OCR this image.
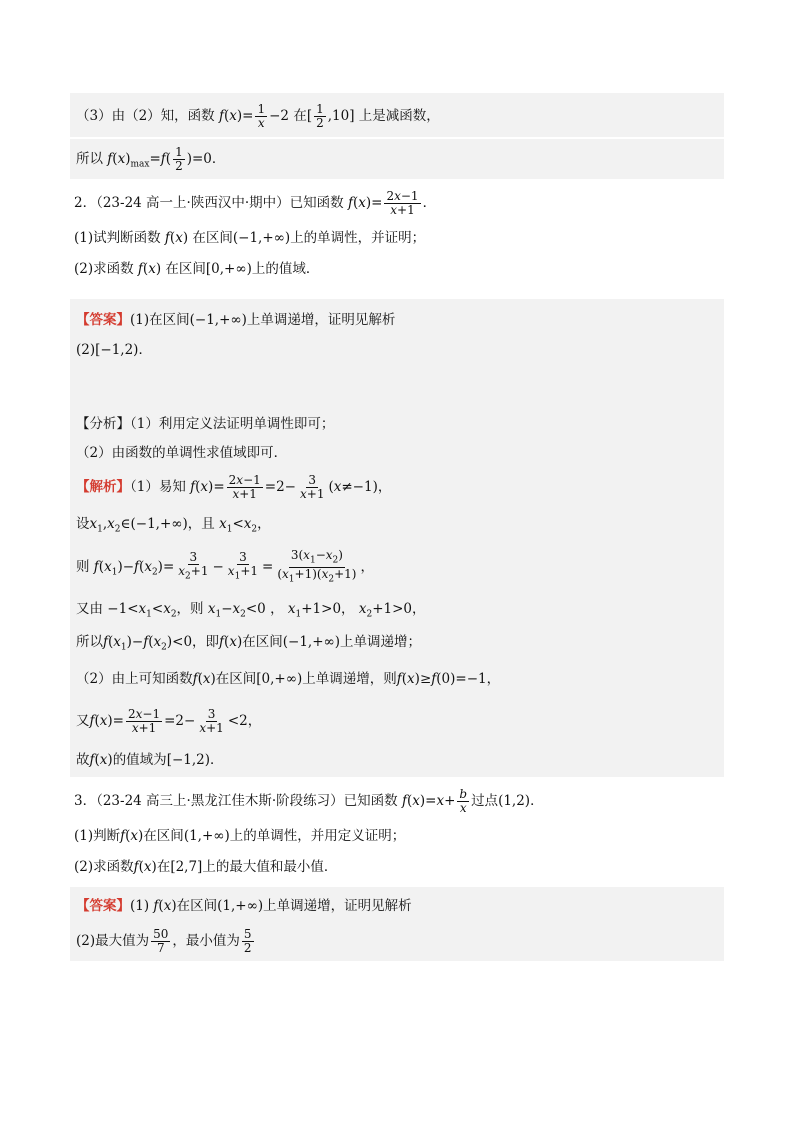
（3）由（2）知，函数 $f(x)= \frac{1}{x} -2$ 在[ $\frac{1}{2} ,10$] 上是减函数，
所以 $f(x)_{max}=f( \frac{1}{2} )=0$．
2．（23-24 高一上·陕西汉中·期中）已知函数 $f(x)= \frac{2x-1}{x+1}$ ．
(1)试判断函数 f(x) 在区间(−1,+∞)上的单调性，并证明；
(2)求函数 f(x) 在区间[0,+∞)上的值域．
【答案】(1)在区间(−1,+∞)上单调递增，证明见解析
(2)[−1,2)．
【分析】（1）利用定义法证明单调性即可；
（2）由函数的单调性求值域即可．
【解析】（1）易知 $f(x)= \frac{2x-1}{x+1} =2- \frac{3}{x+1} (x\ne-1)$，
设$x_1,x_2\in(-1,+\infty)$，且 $x_1<x_2$，
则 $f(x_1)-f(x_2)= \frac{3}{x_2+1} - \frac{3}{x_1+1} = \frac{3(x_1-x_2)}{(x_1+1)(x_2+1)}$ ，
又由 $-1<x_1<x_2$，则 $x_1-x_2<0$ ， $x_1+1>0$， $x_2+1>0$，
所以$f(x_1)-f(x_2)<0$，即f(x)在区间(−1,+∞)上单调递增；
（2）由上可知函数f(x)在区间[0,+∞)上单调递增，则f(x)≥f(0)=−1，
又$f(x)= \frac{2x-1}{x+1} =2- \frac{3}{x+1} <2$，
故f(x)的值域为[−1,2)．
3．（23-24 高三上·黑龙江佳木斯·阶段练习）已知函数 $f(x)=x+ \frac{b}{x}$ 过点(1,2)．
(1)判断f(x)在区间(1,+∞)上的单调性，并用定义证明；
(2)求函数f(x)在[2,7]上的最大值和最小值．
【答案】(1) f(x)在区间(1,+∞)上单调递增，证明见解析
(2)最大值为 $\frac{50}{7}$ ，最小值为 $\frac{5}{2}$
